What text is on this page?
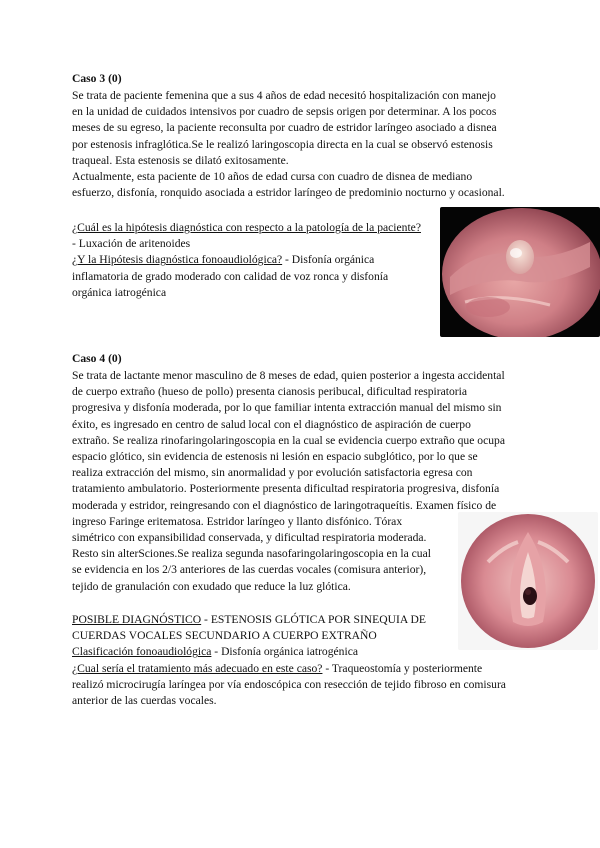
Caso 3 (0)

Se trata de paciente femenina que a sus 4 años de edad necesitó hospitalización con manejo

en la unidad de cuidados intensivos por cuadro de sepsis origen por determinar. A los pocos

meses de su egreso, la paciente reconsulta por cuadro de estridor laríngeo asociado a disnea

por estenosis infraglótica.Se le realizó laringoscopia directa en la cual se observó estenosis

traqueal. Esta estenosis se dilató exitosamente.

Actualmente, esta paciente de 10 años de edad cursa con cuadro de disnea de mediano

esfuerzo, disfonía, ronquido asociada a estridor laríngeo de predominio nocturno y ocasional.

¿Cuál es la hipótesis diagnóstica con respecto a la patología de la paciente?

- Luxación de aritenoides

¿Y la Hipótesis diagnóstica fonoaudiológica? - Disfonía orgánica

inflamatoria de grado moderado con calidad de voz ronca y disfonía

orgánica iatrogénica

Caso 4 (0)

Se trata de lactante menor masculino de 8 meses de edad, quien posterior a ingesta accidental

de cuerpo extraño (hueso de pollo) presenta cianosis peribucal, dificultad respiratoria

progresiva y disfonía moderada, por lo que familiar intenta extracción manual del mismo sin

éxito, es ingresado en centro de salud local con el diagnóstico de aspiración de cuerpo

extraño. Se realiza rinofaringolaringoscopia en la cual se evidencia cuerpo extraño que ocupa

espacio glótico, sin evidencia de estenosis ni lesión en espacio subglótico, por lo que se

realiza extracción del mismo, sin anormalidad y por evolución satisfactoria egresa con

tratamiento ambulatorio. Posteriormente presenta dificultad respiratoria progresiva, disfonía

moderada y estridor, reingresando con el diagnóstico de laringotraqueítis. Examen físico de

ingreso Faringe eritematosa. Estridor laríngeo y llanto disfónico. Tórax

simétrico con expansibilidad conservada, y dificultad respiratoria moderada.

Resto sin alterSciones.Se realiza segunda nasofaringolaringoscopia en la cual

se evidencia en los 2/3 anteriores de las cuerdas vocales (comisura anterior),

tejido de granulación con exudado que reduce la luz glótica.

POSIBLE DIAGNÓSTICO - ESTENOSIS GLÓTICA POR SINEQUIA DE

CUERDAS VOCALES SECUNDARIO A CUERPO EXTRAÑO

Clasificación fonoaudiológica - Disfonía orgánica iatrogénica

¿Cual sería el tratamiento más adecuado en este caso? - Traqueostomía y posteriormente

realizó microcirugía laríngea por vía endoscópica con resección de tejido fibroso en comisura

anterior de las cuerdas vocales.
